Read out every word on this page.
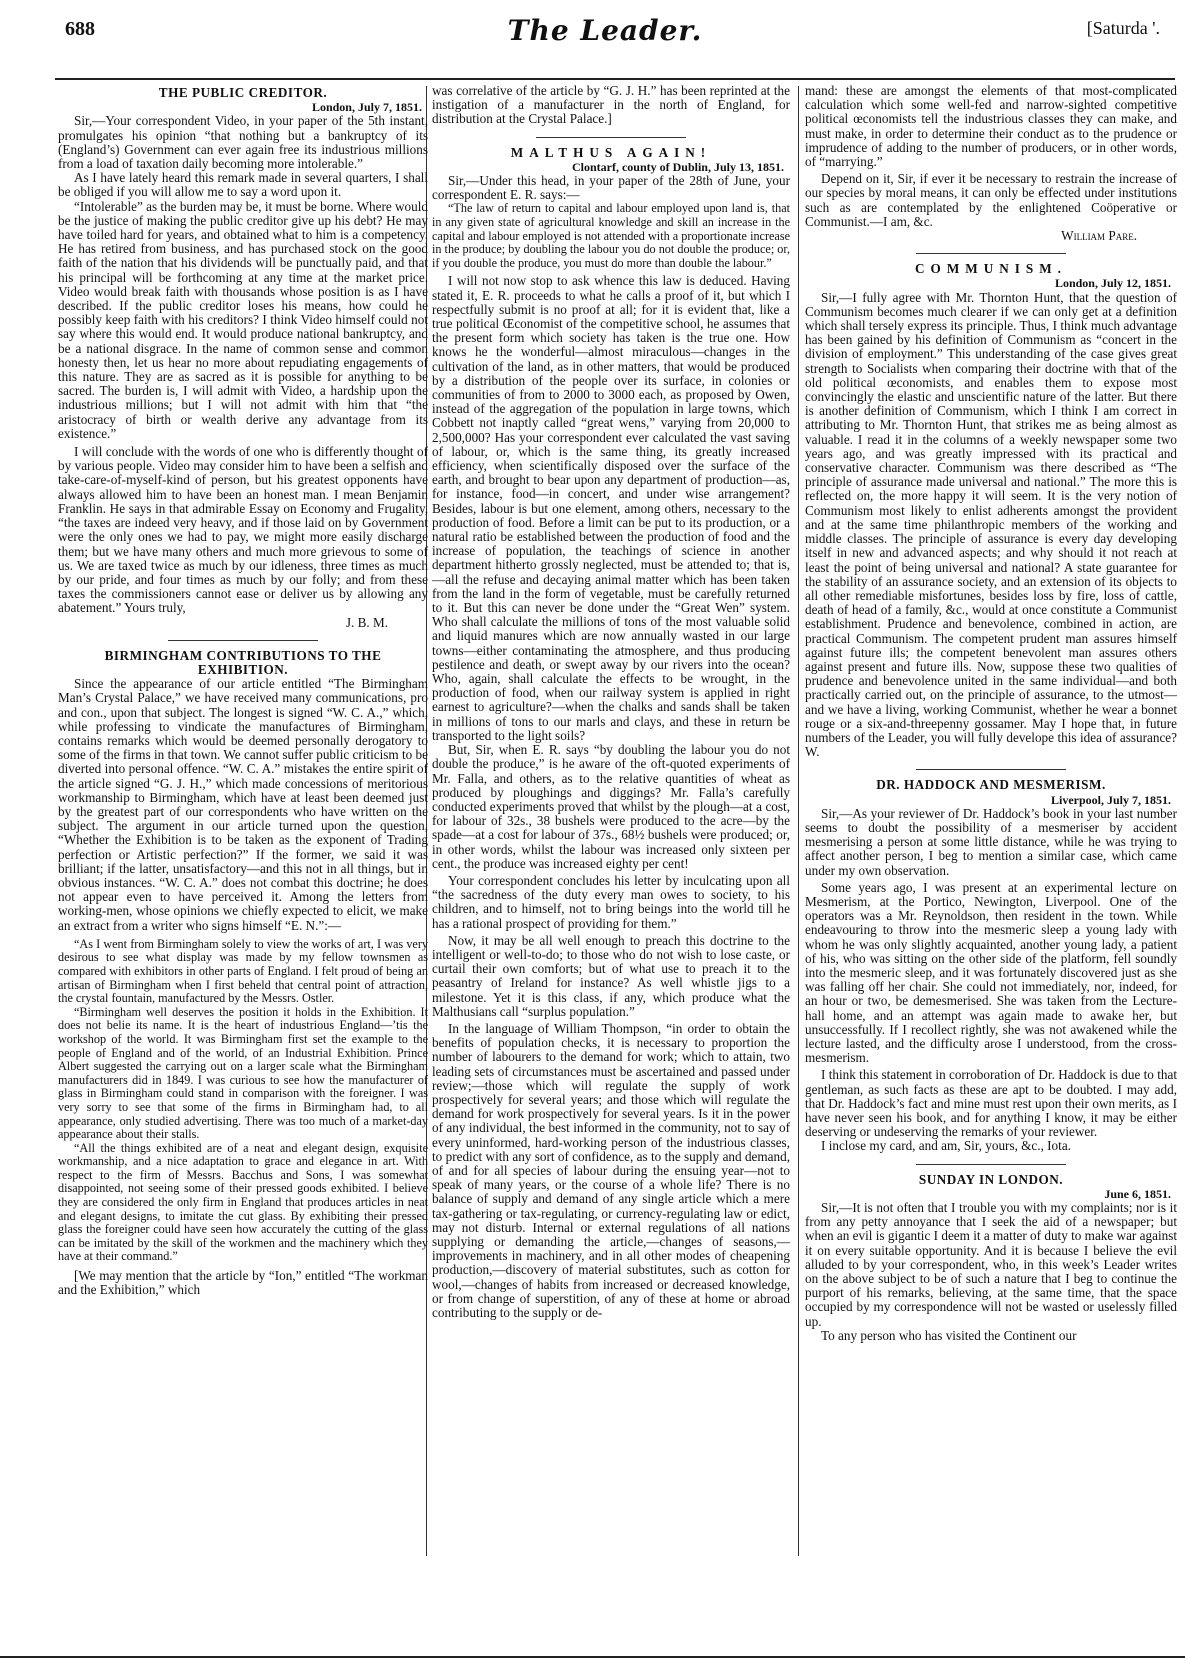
688	The Leader.	[Saturda '.
THE PUBLIC CREDITOR.
London, July 7, 1851.

Sir,—Your correspondent Video, in your paper of the 5th instant, promulgates his opinion “that nothing but a bankruptcy of its (England’s) Government can ever again free its industrious millions from a load of taxation daily becoming more intolerable.”

As I have lately heard this remark made in several quarters, I shall be obliged if you will allow me to say a word upon it.

“Intolerable” as the burden may be, it must be borne. Where would be the justice of making the public creditor give up his debt? He may have toiled hard for years, and obtained what to him is a competency. He has retired from business, and has purchased stock on the good faith of the nation that his dividends will be punctually paid, and that his principal will be forthcoming at any time at the market price. Video would break faith with thousands whose position is as I have described. If the public creditor loses his means, how could he possibly keep faith with his creditors? I think Video himself could not say where this would end. It would produce national bankruptcy, and be a national disgrace. In the name of common sense and common honesty then, let us hear no more about repudiating engagements of this nature. They are as sacred as it is possible for anything to be sacred. The burden is, I will admit with Video, a hardship upon the industrious millions; but I will not admit with him that “the aristocracy of birth or wealth derive any advantage from its existence.”

I will conclude with the words of one who is differently thought of by various people. Video may consider him to have been a selfish and take-care-of-myself-kind of person, but his greatest opponents have always allowed him to have been an honest man. I mean Benjamin Franklin. He says in that admirable Essay on Economy and Frugality, “the taxes are indeed very heavy, and if those laid on by Government were the only ones we had to pay, we might more easily discharge them; but we have many others and much more grievous to some of us. We are taxed twice as much by our idleness, three times as much by our pride, and four times as much by our folly; and from these taxes the commissioners cannot ease or deliver us by allowing any abatement.” Yours truly,

J. B. M.
BIRMINGHAM CONTRIBUTIONS TO THE EXHIBITION.

Since the appearance of our article entitled “The Birmingham Man’s Crystal Palace,” we have received many communications, pro and con., upon that subject. The longest is signed “W. C. A.,” which, while professing to vindicate the manufactures of Birmingham, contains remarks which would be deemed personally derogatory to some of the firms in that town. We cannot suffer public criticism to be diverted into personal offence. “W. C. A.” mistakes the entire spirit of the article signed “G. J. H.,” which made concessions of meritorious workmanship to Birmingham, which have at least been deemed just by the greatest part of our correspondents who have written on the subject. The argument in our article turned upon the question, “Whether the Exhibition is to be taken as the exponent of Trading perfection or Artistic perfection?” If the former, we said it was brilliant; if the latter, unsatisfactory—and this not in all things, but in obvious instances. “W. C. A.” does not combat this doctrine; he does not appear even to have perceived it. Among the letters from working-men, whose opinions we chiefly expected to elicit, we make an extract from a writer who signs himself “E. N.”:—

“As I went from Birmingham solely to view the works of art, I was very desirous to see what display was made by my fellow townsmen as compared with exhibitors in other parts of England. I felt proud of being an artisan of Birmingham when I first beheld that central point of attraction, the crystal fountain, manufactured by the Messrs. Ostler.

“Birmingham well deserves the position it holds in the Exhibition. It does not belie its name. It is the heart of industrious England—’tis the workshop of the world. It was Birmingham first set the example to the people of England and of the world, of an Industrial Exhibition. Prince Albert suggested the carrying out on a larger scale what the Birmingham manufacturers did in 1849. I was curious to see how the manufacturer of glass in Birmingham could stand in comparison with the foreigner. I was very sorry to see that some of the firms in Birmingham had, to all appearance, only studied advertising. There was too much of a market-day appearance about their stalls.

“All the things exhibited are of a neat and elegant design, exquisite workmanship, and a nice adaptation to grace and elegance in art. With respect to the firm of Messrs. Bacchus and Sons, I was somewhat disappointed, not seeing some of their pressed goods exhibited. I believe they are considered the only firm in England that produces articles in neat and elegant designs, to imitate the cut glass. By exhibiting their pressed glass the foreigner could have seen how accurately the cutting of the glass can be imitated by the skill of the workmen and the machinery which they have at their command.”

[We may mention that the article by “Ion,” entitled “The workman and the Exhibition,” which

was correlative of the article by “G. J. H.” has been reprinted at the instigation of a manufacturer in the north of England, for distribution at the Crystal Palace.]

MALTHUS AGAIN!
Clontarf, county of Dublin, July 13, 1851.

Sir,—Under this head, in your paper of the 28th of June, your correspondent E. R. says:—

“The law of return to capital and labour employed upon land is, that in any given state of agricultural knowledge and skill an increase in the capital and labour employed is not attended with a proportionate increase in the produce; by doubling the labour you do not double the produce; or, if you double the produce, you must do more than double the labour.”

I will not now stop to ask whence this law is deduced. Having stated it, E. R. proceeds to what he calls a proof of it, but which I respectfully submit is no proof at all; for it is evident that, like a true political Œconomist of the competitive school, he assumes that the present form which society has taken is the true one. How knows he the wonderful—almost miraculous—changes in the cultivation of the land, as in other matters, that would be produced by a distribution of the people over its surface, in colonies or communities of from to 2000 to 3000 each, as proposed by Owen, instead of the aggregation of the population in large towns, which Cobbett not inaptly called “great wens,” varying from 20,000 to 2,500,000? Has your correspondent ever calculated the vast saving of labour, or, which is the same thing, its greatly increased efficiency, when scientifically disposed over the surface of the earth, and brought to bear upon any department of production—as, for instance, food—in concert, and under wise arrangement? Besides, labour is but one element, among others, necessary to the production of food. Before a limit can be put to its production, or a natural ratio be established between the production of food and the increase of population, the teachings of science in another department hitherto grossly neglected, must be attended to; that is,—all the refuse and decaying animal matter which has been taken from the land in the form of vegetable, must be carefully returned to it. But this can never be done under the “Great Wen” system. Who shall calculate the millions of tons of the most valuable solid and liquid manures which are now annually wasted in our large towns—either contaminating the atmosphere, and thus producing pestilence and death, or swept away by our rivers into the ocean? Who, again, shall calculate the effects to be wrought, in the production of food, when our railway system is applied in right earnest to agriculture?—when the chalks and sands shall be taken in millions of tons to our marls and clays, and these in return be transported to the light soils?

But, Sir, when E. R. says “by doubling the labour you do not double the produce,” is he aware of the oft-quoted experiments of Mr. Falla, and others, as to the relative quantities of wheat as produced by ploughings and diggings? Mr. Falla’s carefully conducted experiments proved that whilst by the plough—at a cost, for labour of 32s., 38 bushels were produced to the acre—by the spade—at a cost for labour of 37s., 68½ bushels were produced; or, in other words, whilst the labour was increased only sixteen per cent., the produce was increased eighty per cent!

Your correspondent concludes his letter by inculcating upon all “the sacredness of the duty every man owes to society, to his children, and to himself, not to bring beings into the world till he has a rational prospect of providing for them.”

Now, it may be all well enough to preach this doctrine to the intelligent or well-to-do; to those who do not wish to lose caste, or curtail their own comforts; but of what use to preach it to the peasantry of Ireland for instance? As well whistle jigs to a milestone. Yet it is this class, if any, which produce what the Malthusians call “surplus population.”

In the language of William Thompson, “in order to obtain the benefits of population checks, it is necessary to proportion the number of labourers to the demand for work; which to attain, two leading sets of circumstances must be ascertained and passed under review;—those which will regulate the supply of work prospectively for several years; and those which will regulate the demand for work prospectively for several years. Is it in the power of any individual, the best informed in the community, not to say of every uninformed, hard-working person of the industrious classes, to predict with any sort of confidence, as to the supply and demand, of and for all species of labour during the ensuing year—not to speak of many years, or the course of a whole life? There is no balance of supply and demand of any single article which a mere tax-gathering or tax-regulating, or currency-regulating law or edict, may not disturb. Internal or external regulations of all nations supplying or demanding the article,—changes of seasons,—improvements in machinery, and in all other modes of cheapening production,—discovery of material substitutes, such as cotton for wool,—changes of habits from increased or decreased knowledge, or from change of superstition, of any of these at home or abroad contributing to the supply or de-

mand: these are amongst the elements of that most-complicated calculation which some well-fed and narrow-sighted competitive political œconomists tell the industrious classes they can make, and must make, in order to determine their conduct as to the prudence or imprudence of adding to the number of producers, or in other words, of “marrying.”

Depend on it, Sir, if ever it be necessary to restrain the increase of our species by moral means, it can only be effected under institutions such as are contemplated by the enlightened Coöperative or Communist.—I am, &c.

William Pare.
COMMUNISM.
London, July 12, 1851.

Sir,—I fully agree with Mr. Thornton Hunt, that the question of Communism becomes much clearer if we can only get at a definition which shall tersely express its principle. Thus, I think much advantage has been gained by his definition of Communism as “concert in the division of employment.” This understanding of the case gives great strength to Socialists when comparing their doctrine with that of the old political œconomists, and enables them to expose most convincingly the elastic and unscientific nature of the latter. But there is another definition of Communism, which I think I am correct in attributing to Mr. Thornton Hunt, that strikes me as being almost as valuable. I read it in the columns of a weekly newspaper some two years ago, and was greatly impressed with its practical and conservative character. Communism was there described as “The principle of assurance made universal and national.” The more this is reflected on, the more happy it will seem. It is the very notion of Communism most likely to enlist adherents amongst the provident and at the same time philanthropic members of the working and middle classes. The principle of assurance is every day developing itself in new and advanced aspects; and why should it not reach at least the point of being universal and national? A state guarantee for the stability of an assurance society, and an extension of its objects to all other remediable misfortunes, besides loss by fire, loss of cattle, death of head of a family, &c., would at once constitute a Communist establishment. Prudence and benevolence, combined in action, are practical Communism. The competent prudent man assures himself against future ills; the competent benevolent man assures others against present and future ills. Now, suppose these two qualities of prudence and benevolence united in the same individual—and both practically carried out, on the principle of assurance, to the utmost—and we have a living, working Communist, whether he wear a bonnet rouge or a six-and-threepenny gossamer. May I hope that, in future numbers of the Leader, you will fully develope this idea of assurance? W.

DR. HADDOCK AND MESMERISM.
Liverpool, July 7, 1851.

Sir,—As your reviewer of Dr. Haddock’s book in your last number seems to doubt the possibility of a mesmeriser by accident mesmerising a person at some little distance, while he was trying to affect another person, I beg to mention a similar case, which came under my own observation.

Some years ago, I was present at an experimental lecture on Mesmerism, at the Portico, Newington, Liverpool. One of the operators was a Mr. Reynoldson, then resident in the town. While endeavouring to throw into the mesmeric sleep a young lady with whom he was only slightly acquainted, another young lady, a patient of his, who was sitting on the other side of the platform, fell soundly into the mesmeric sleep, and it was fortunately discovered just as she was falling off her chair. She could not immediately, nor, indeed, for an hour or two, be demesmerised. She was taken from the Lecture-hall home, and an attempt was again made to awake her, but unsuccessfully. If I recollect rightly, she was not awakened while the lecture lasted, and the difficulty arose I understood, from the cross-mesmerism.

I think this statement in corroboration of Dr. Haddock is due to that gentleman, as such facts as these are apt to be doubted. I may add, that Dr. Haddock’s fact and mine must rest upon their own merits, as I have never seen his book, and for anything I know, it may be either deserving or undeserving the remarks of your reviewer.

I inclose my card, and am, Sir, yours, &c., Iota.

SUNDAY IN LONDON.
June 6, 1851.

Sir,—It is not often that I trouble you with my complaints; nor is it from any petty annoyance that I seek the aid of a newspaper; but when an evil is gigantic I deem it a matter of duty to make war against it on every suitable opportunity. And it is because I believe the evil alluded to by your correspondent, who, in this week’s Leader writes on the above subject to be of such a nature that I beg to continue the purport of his remarks, believing, at the same time, that the space occupied by my correspondence will not be wasted or uselessly filled up.

To any person who has visited the Continent our
